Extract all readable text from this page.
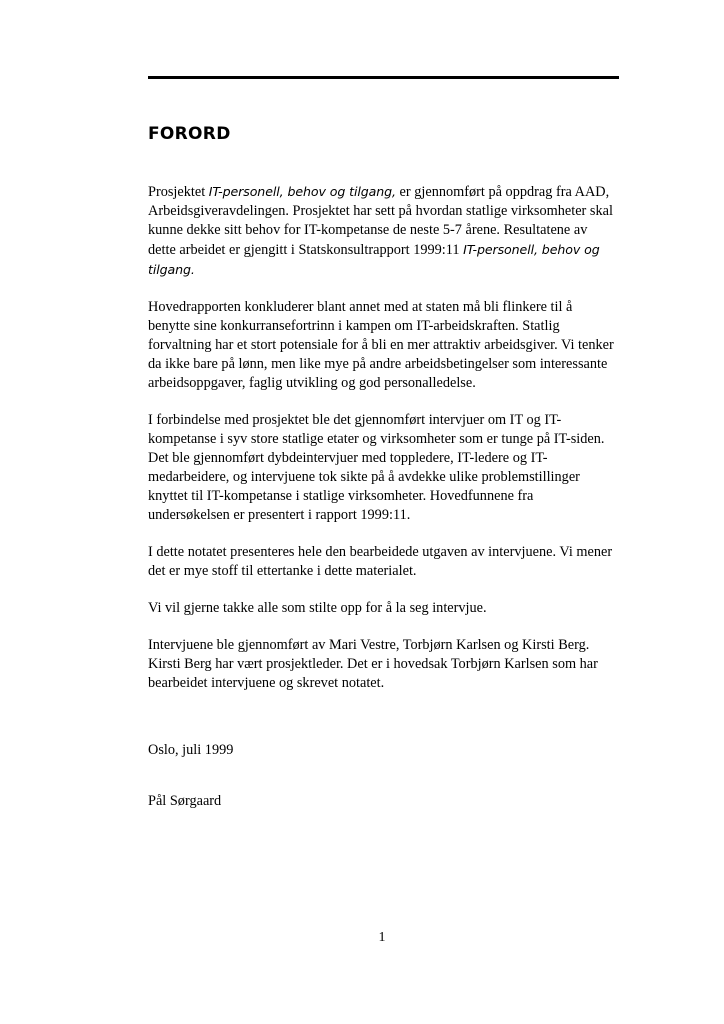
FORORD

Prosjektet IT-personell, behov og tilgang, er gjennomført på oppdrag fra AAD, Arbeidsgiveravdelingen. Prosjektet har sett på hvordan statlige virksomheter skal kunne dekke sitt behov for IT-kompetanse de neste 5-7 årene. Resultatene av dette arbeidet er gjengitt i Statskonsultrapport 1999:11 IT-personell, behov og tilgang.

Hovedrapporten konkluderer blant annet med at staten må bli flinkere til å benytte sine konkurransefortrinn i kampen om IT-arbeidskraften. Statlig forvaltning har et stort potensiale for å bli en mer attraktiv arbeidsgiver. Vi tenker da ikke bare på lønn, men like mye på andre arbeidsbetingelser som interessante arbeidsoppgaver, faglig utvikling og god personalledelse.

I forbindelse med prosjektet ble det gjennomført intervjuer om IT og IT-kompetanse i syv store statlige etater og virksomheter som er tunge på IT-siden. Det ble gjennomført dybdeintervjuer med toppledere, IT-ledere og IT-medarbeidere, og intervjuene tok sikte på å avdekke ulike problemstillinger knyttet til IT-kompetanse i statlige virksomheter. Hovedfunnene fra undersøkelsen er presentert i rapport 1999:11.

I dette notatet presenteres hele den bearbeidede utgaven av intervjuene. Vi mener det er mye stoff til ettertanke i dette materialet.

Vi vil gjerne takke alle som stilte opp for å la seg intervjue.

Intervjuene ble gjennomført av Mari Vestre, Torbjørn Karlsen og Kirsti Berg. Kirsti Berg har vært prosjektleder. Det er i hovedsak Torbjørn Karlsen som har bearbeidet intervjuene og skrevet notatet.

Oslo, juli 1999

Pål Sørgaard

1
